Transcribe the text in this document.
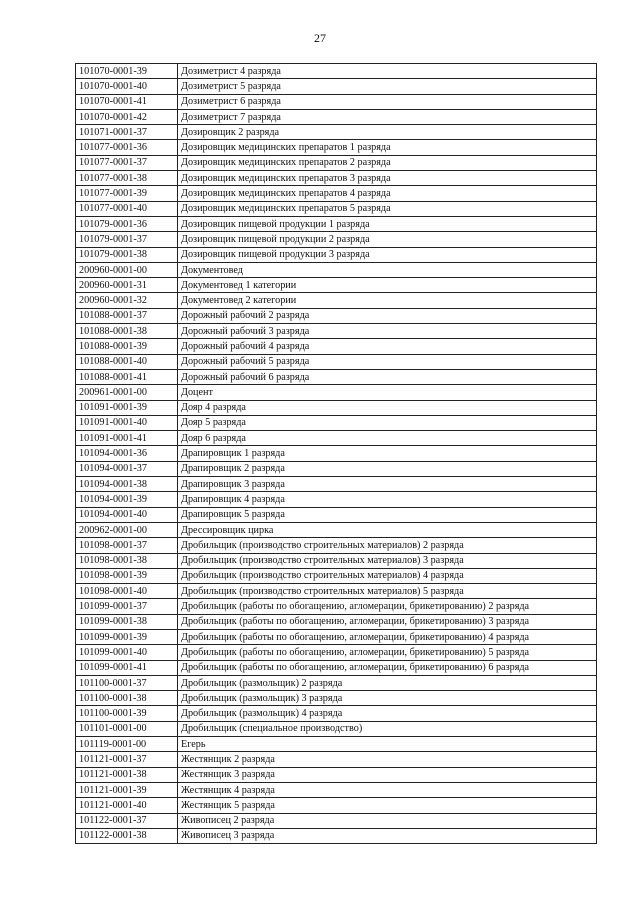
27
101070-0001-39	Дозиметрист 4 разряда
101070-0001-40	Дозиметрист 5 разряда
101070-0001-41	Дозиметрист 6 разряда
101070-0001-42	Дозиметрист 7 разряда
101071-0001-37	Дозировщик 2 разряда
101077-0001-36	Дозировщик медицинских препаратов 1 разряда
101077-0001-37	Дозировщик медицинских препаратов 2 разряда
101077-0001-38	Дозировщик медицинских препаратов 3 разряда
101077-0001-39	Дозировщик медицинских препаратов 4 разряда
101077-0001-40	Дозировщик медицинских препаратов 5 разряда
101079-0001-36	Дозировщик пищевой продукции 1 разряда
101079-0001-37	Дозировщик пищевой продукции 2 разряда
101079-0001-38	Дозировщик пищевой продукции 3 разряда
200960-0001-00	Документовед
200960-0001-31	Документовед 1 категории
200960-0001-32	Документовед 2 категории
101088-0001-37	Дорожный рабочий 2 разряда
101088-0001-38	Дорожный рабочий 3 разряда
101088-0001-39	Дорожный рабочий 4 разряда
101088-0001-40	Дорожный рабочий 5 разряда
101088-0001-41	Дорожный рабочий 6 разряда
200961-0001-00	Доцент
101091-0001-39	Дояр 4 разряда
101091-0001-40	Дояр 5 разряда
101091-0001-41	Дояр 6 разряда
101094-0001-36	Драпировщик 1 разряда
101094-0001-37	Драпировщик 2 разряда
101094-0001-38	Драпировщик 3 разряда
101094-0001-39	Драпировщик 4 разряда
101094-0001-40	Драпировщик 5 разряда
200962-0001-00	Дрессировщик цирка
101098-0001-37	Дробильщик (производство строительных материалов) 2 разряда
101098-0001-38	Дробильщик (производство строительных материалов) 3 разряда
101098-0001-39	Дробильщик (производство строительных материалов) 4 разряда
101098-0001-40	Дробильщик (производство строительных материалов) 5 разряда
101099-0001-37	Дробильщик (работы по обогащению, агломерации, брикетированию) 2 разряда
101099-0001-38	Дробильщик (работы по обогащению, агломерации, брикетированию) 3 разряда
101099-0001-39	Дробильщик (работы по обогащению, агломерации, брикетированию) 4 разряда
101099-0001-40	Дробильщик (работы по обогащению, агломерации, брикетированию) 5 разряда
101099-0001-41	Дробильщик (работы по обогащению, агломерации, брикетированию) 6 разряда
101100-0001-37	Дробильщик (размольщик) 2 разряда
101100-0001-38	Дробильщик (размольщик) 3 разряда
101100-0001-39	Дробильщик (размольщик) 4 разряда
101101-0001-00	Дробильщик (специальное производство)
101119-0001-00	Егерь
101121-0001-37	Жестянщик 2 разряда
101121-0001-38	Жестянщик 3 разряда
101121-0001-39	Жестянщик 4 разряда
101121-0001-40	Жестянщик 5 разряда
101122-0001-37	Живописец 2 разряда
101122-0001-38	Живописец 3 разряда
